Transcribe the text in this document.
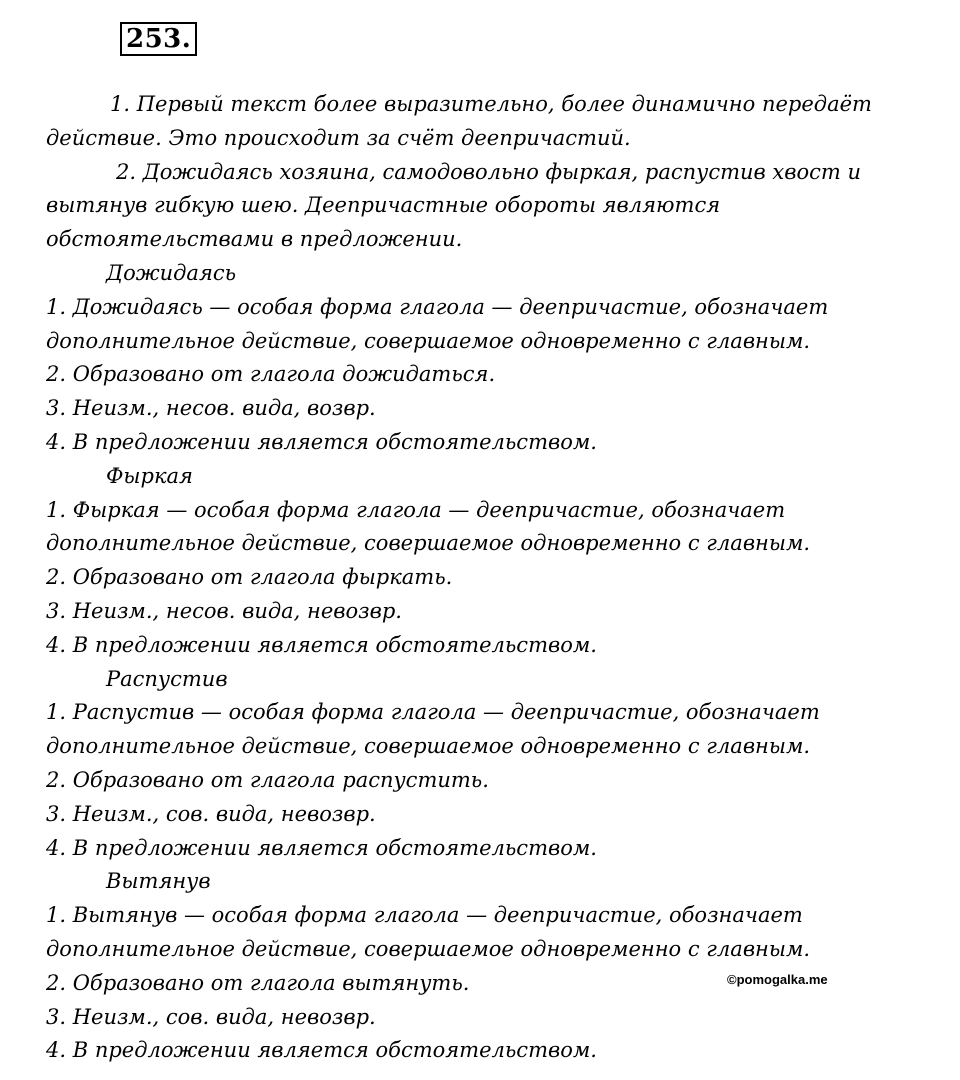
253.
1. Первый текст более выразительно, более динамично передаёт
действие. Это происходит за счёт деепричастий.
2. Дожидаясь хозяина, самодовольно фыркая, распустив хвост и
вытянув гибкую шею. Деепричастные обороты являются
обстоятельствами в предложении.
Дожидаясь
1. Дожидаясь — особая форма глагола — деепричастие, обозначает
дополнительное действие, совершаемое одновременно с главным.
2. Образовано от глагола дожидаться.
3. Неизм., несов. вида, возвр.
4. В предложении является обстоятельством.
Фыркая
1. Фыркая — особая форма глагола — деепричастие, обозначает
дополнительное действие, совершаемое одновременно с главным.
2. Образовано от глагола фыркать.
3. Неизм., несов. вида, невозвр.
4. В предложении является обстоятельством.
Распустив
1. Распустив — особая форма глагола — деепричастие, обозначает
дополнительное действие, совершаемое одновременно с главным.
2. Образовано от глагола распустить.
3. Неизм., сов. вида, невозвр.
4. В предложении является обстоятельством.
Вытянув
1. Вытянув — особая форма глагола — деепричастие, обозначает
дополнительное действие, совершаемое одновременно с главным.
2. Образовано от глагола вытянуть.
3. Неизм., сов. вида, невозвр.
4. В предложении является обстоятельством.
©pomogalka.me
